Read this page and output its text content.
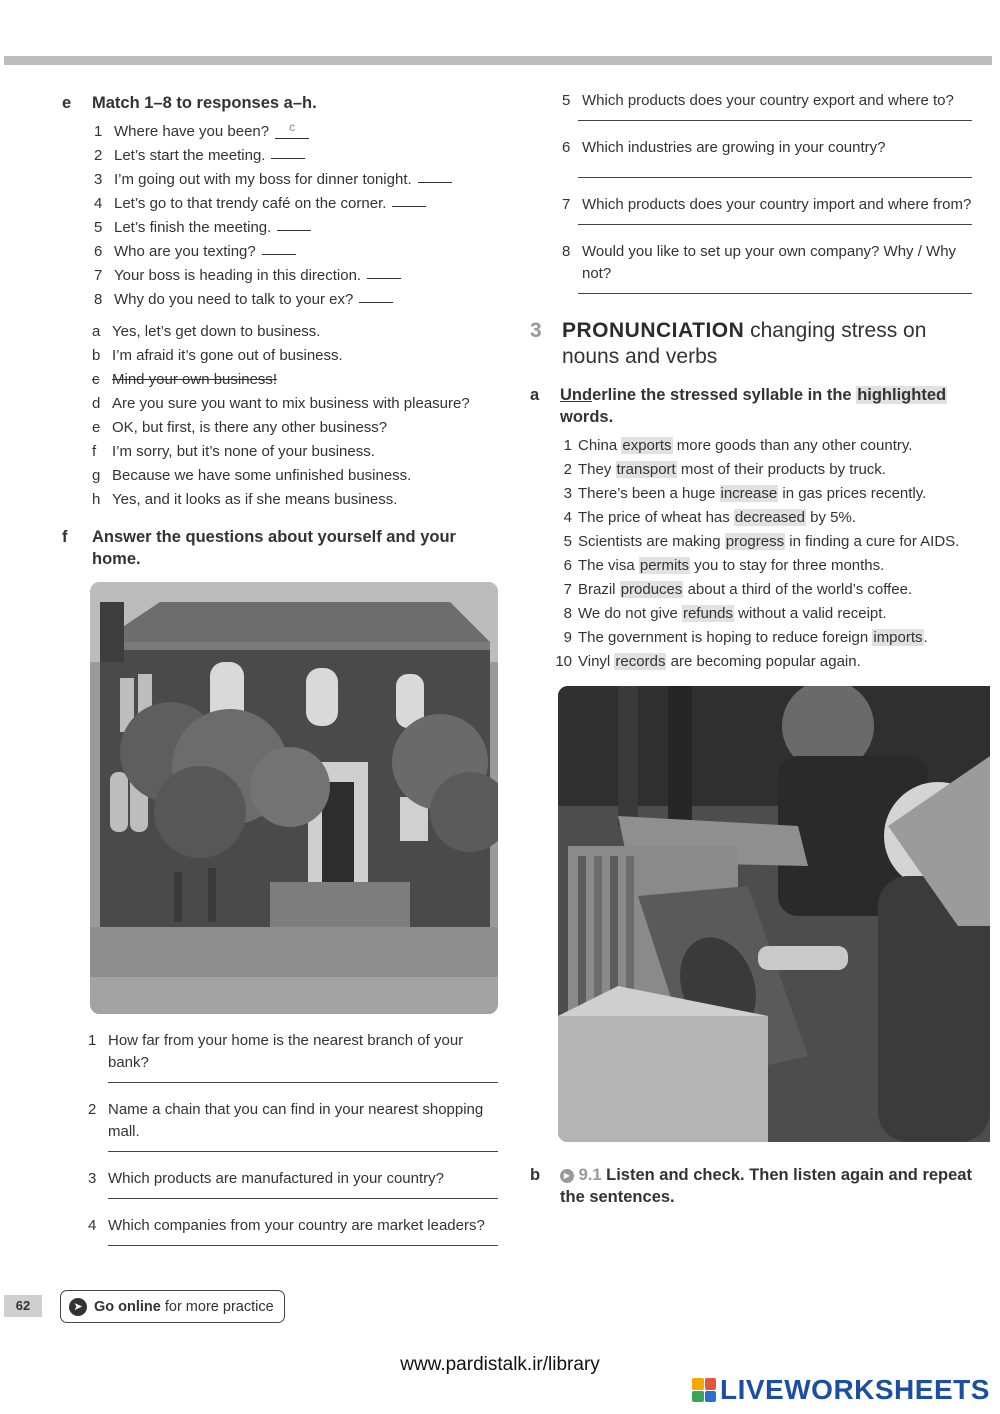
e	Match 1–8 to responses a–h.
1 Where have you been?	c
2 Let’s start the meeting.
3 I’m going out with my boss for dinner tonight.
4 Let’s go to that trendy café on the corner.
5 Let’s finish the meeting.
6 Who are you texting?
7 Your boss is heading in this direction.
8 Why do you need to talk to your ex?
a Yes, let’s get down to business.
b I’m afraid it’s gone out of business.
c Mind your own business!
d Are you sure you want to mix business with pleasure?
e OK, but first, is there any other business?
f	I’m sorry, but it’s none of your business.
g Because we have some unfinished business.
h Yes, and it looks as if she means business.
f	Answer the questions about yourself and your home.
1 How far from your home is the nearest branch of your bank?
2 Name a chain that you can find in your nearest shopping mall.
3 Which products are manufactured in your country?
4 Which companies from your country are market leaders?
5 Which products does your country export and where to?
6 Which industries are growing in your country?
7 Which products does your country import and where from?
8 Would you like to set up your own company? Why / Why not?
3 PRONUNCIATION changing stress on nouns and verbs
a	Underline the stressed syllable in the highlighted words.
1 China exports more goods than any other country.
2 They transport most of their products by truck.
3 There’s been a huge increase in gas prices recently.
4 The price of wheat has decreased by 5%.
5 Scientists are making progress in finding a cure for AIDS.
6 The visa permits you to stay for three months.
7 Brazil produces about a third of the world’s coffee.
8 We do not give refunds without a valid receipt.
9 The government is hoping to reduce foreign imports.
10 Vinyl records are becoming popular again.
b	▶ 9.1 Listen and check. Then listen again and repeat the sentences.
62	➤ Go online for more practice
www.pardistalk.ir/library
LIVEWORKSHEETS
